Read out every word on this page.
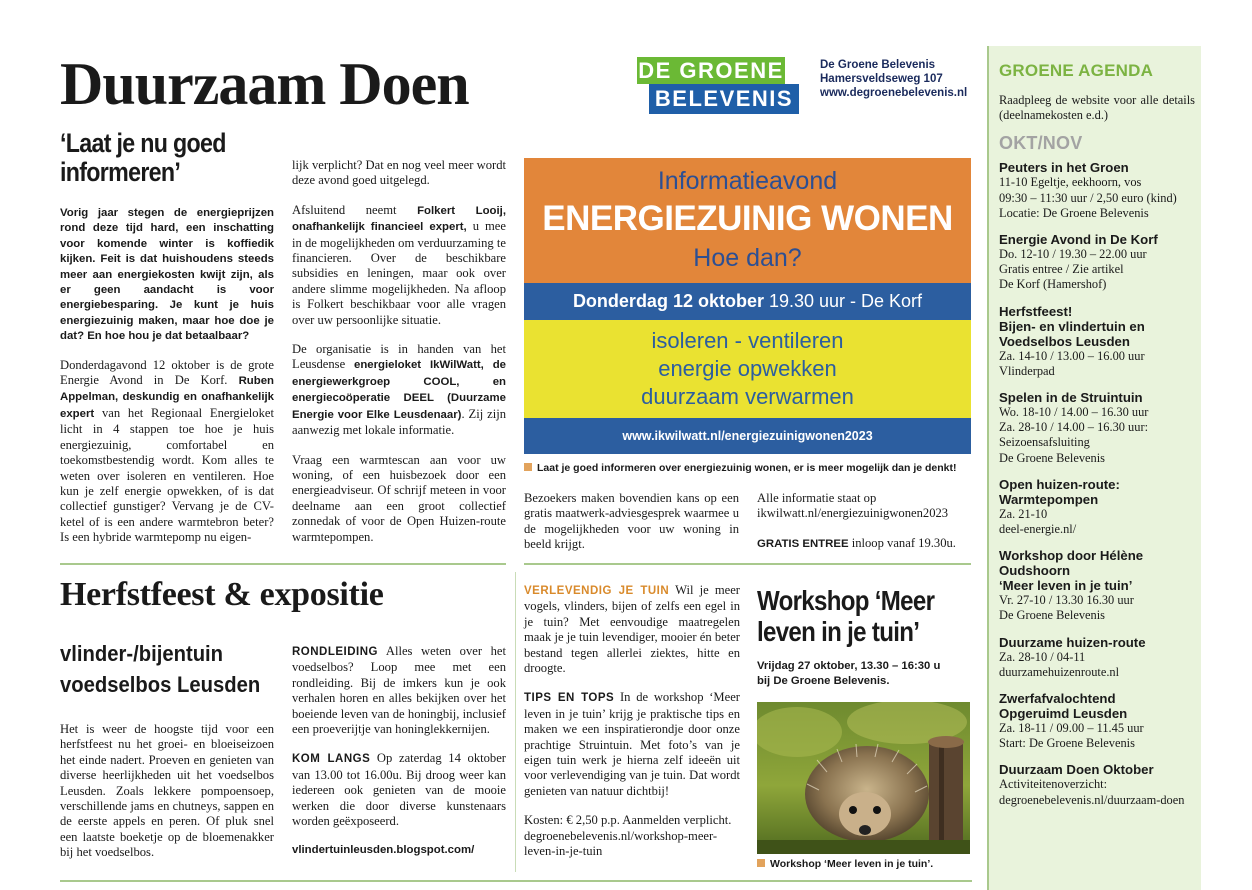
Duurzaam Doen	DE GROENE
BELEVENIS
De Groene Belevenis
Hamersveldseweg 107
www.degroenebelevenis.nl
‘Laat je nu goed
informeren’

Vorig jaar stegen de energieprijzen rond deze tijd hard, een inschatting voor komende winter is koffiedik kijken. Feit is dat huishoudens steeds meer aan energiekosten kwijt zijn, als er geen aandacht is voor energiebesparing. Je kunt je huis energiezuinig maken, maar hoe doe je dat? En hoe hou je dat betaalbaar?

Donderdagavond 12 oktober is de grote Energie Avond in De Korf. Ruben Appelman, deskundig en onafhankelijk expert van het Regionaal Energieloket licht in 4 stappen toe hoe je huis energiezuinig, comfortabel en toekomstbestendig wordt. Kom alles te weten over isoleren en ventileren. Hoe kun je zelf energie opwekken, of is dat collectief gunstiger? Vervang je de CV-ketel of is een andere warmtebron beter? Is een hybride warmtepomp nu eigen-

lijk verplicht? Dat en nog veel meer wordt deze avond goed uitgelegd.

Afsluitend neemt Folkert Looij, onafhankelijk financieel expert, u mee in de mogelijkheden om verduurzaming te financieren. Over de beschikbare subsidies en leningen, maar ook over andere slimme mogelijkheden. Na afloop is Folkert beschikbaar voor alle vragen over uw persoonlijke situatie.

De organisatie is in handen van het Leusdense energieloket IkWilWatt, de energiewerkgroep COOL, en energiecoöperatie DEEL (Duurzame Energie voor Elke Leusdenaar). Zij zijn aanwezig met lokale informatie.

Vraag een warmtescan aan voor uw woning, of een huisbezoek door een energieadviseur. Of schrijf meteen in voor deelname aan een groot collectief zonnedak of voor de Open Huizen-route warmtepompen.

Informatieavond
ENERGIEZUINIG WONEN
Hoe dan?
Donderdag 12 oktober 19.30 uur - De Korf
isoleren - ventileren
energie opwekken
duurzaam verwarmen
www.ikwilwatt.nl/energiezuinigwonen2023
Laat je goed informeren over energiezuinig wonen, er is meer mogelijk dan je denkt!

Bezoekers maken bovendien kans op een gratis maatwerk-adviesgesprek waarmee u de mogelijkheden voor uw woning in beeld krijgt.

Alle informatie staat op ikwilwatt.nl/energiezuinigwonen2023

GRATIS ENTREE inloop vanaf 19.30u.

Herfstfeest & expositie
vlinder-/bijentuin
voedselbos Leusden

Het is weer de hoogste tijd voor een herfstfeest nu het groei- en bloeiseizoen het einde nadert. Proeven en genieten van diverse heerlijkheden uit het voedselbos Leusden. Zoals lekkere pompoensoep, verschillende jams en chutneys, sappen en de eerste appels en peren. Of pluk snel een laatste boeketje op de bloemenakker bij het voedselbos.

RONDLEIDING Alles weten over het voedselbos? Loop mee met een rondleiding. Bij de imkers kun je ook verhalen horen en alles bekijken over het boeiende leven van de honingbij, inclusief een proeverijtje van honinglekkernijen.

KOM LANGS Op zaterdag 14 oktober van 13.00 tot 16.00u. Bij droog weer kan iedereen ook genieten van de mooie werken die door diverse kunstenaars worden geëxposeerd.

vlindertuinleusden.blogspot.com/

VERLEVENDIG JE TUIN Wil je meer vogels, vlinders, bijen of zelfs een egel in je tuin? Met eenvoudige maatregelen maak je je tuin levendiger, mooier én beter bestand tegen allerlei ziektes, hitte en droogte.

TIPS EN TOPS In de workshop ‘Meer leven in je tuin’ krijg je praktische tips en maken we een inspiratierondje door onze prachtige Struintuin. Met foto’s van je eigen tuin werk je hierna zelf ideeën uit voor verlevendiging van je tuin. Dat wordt genieten van natuur dichtbij!

Kosten: € 2,50 p.p. Aanmelden verplicht. degroenebelevenis.nl/workshop-meer-leven-in-je-tuin

Workshop ‘Meer
leven in je tuin’
Vrijdag 27 oktober, 13.30 – 16:30 u
bij De Groene Belevenis.
Workshop ‘Meer leven in je tuin’.
GROENE AGENDA

Raadpleeg de website voor alle details (deelnamekosten e.d.)

OKT/NOV

Peuters in het Groen

11-10 Egeltje, eekhoorn, vos
09:30 – 11:30 uur / 2,50 euro (kind)
Locatie: De Groene Belevenis

Energie Avond in De Korf

Do. 12-10 / 19.30 – 22.00 uur
Gratis entree / Zie artikel
De Korf (Hamershof)

Herfstfeest!
Bijen- en vlindertuin en
Voedselbos Leusden

Za. 14-10 / 13.00 – 16.00 uur
Vlinderpad

Spelen in de Struintuin

Wo. 18-10 / 14.00 – 16.30 uur
Za. 28-10 / 14.00 – 16.30 uur:
Seizoensafsluiting
De Groene Belevenis

Open huizen-route:
Warmtepompen

Za. 21-10
deel-energie.nl/

Workshop door Hélène
Oudshoorn
‘Meer leven in je tuin’

Vr. 27-10 / 13.30 16.30 uur
De Groene Belevenis

Duurzame huizen-route

Za. 28-10 / 04-11
duurzamehuizenroute.nl

Zwerfafvalochtend
Opgeruimd Leusden

Za. 18-11 / 09.00 – 11.45 uur
Start: De Groene Belevenis

Duurzaam Doen Oktober

Activiteitenoverzicht: degroenebelevenis.nl/duurzaam-doen
